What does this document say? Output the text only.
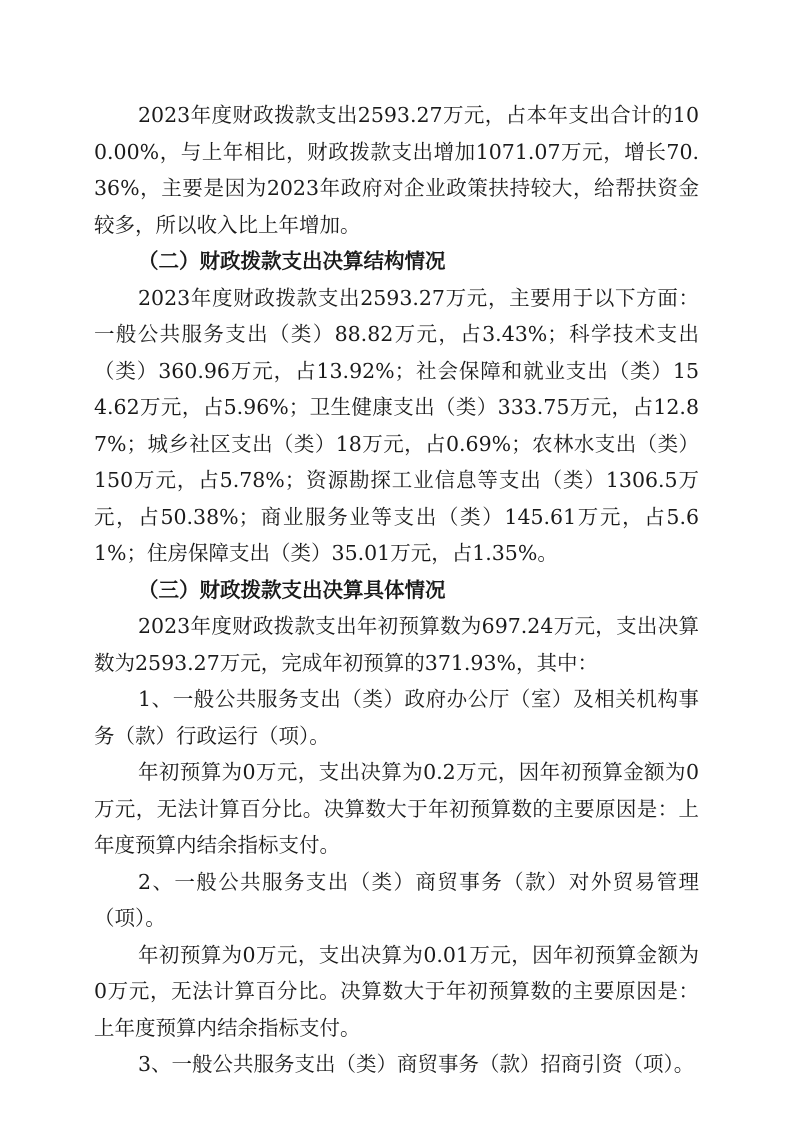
2023年度财政拨款支出2593.27万元，占本年支出合计的100.00%，与上年相比，财政拨款支出增加1071.07万元，增长70.36%，主要是因为2023年政府对企业政策扶持较大，给帮扶资金较多，所以收入比上年增加。

（二）财政拨款支出决算结构情况

2023年度财政拨款支出2593.27万元，主要用于以下方面：一般公共服务支出（类）88.82万元，占3.43%；科学技术支出（类）360.96万元，占13.92%；社会保障和就业支出（类）154.62万元，占5.96%；卫生健康支出（类）333.75万元，占12.87%；城乡社区支出（类）18万元，占0.69%；农林水支出（类）150万元，占5.78%；资源勘探工业信息等支出（类）1306.5万元，占50.38%；商业服务业等支出（类）145.61万元，占5.61%；住房保障支出（类）35.01万元，占1.35%。

（三）财政拨款支出决算具体情况

2023年度财政拨款支出年初预算数为697.24万元，支出决算数为2593.27万元，完成年初预算的371.93%，其中：

1、一般公共服务支出（类）政府办公厅（室）及相关机构事务（款）行政运行（项）。

年初预算为0万元，支出决算为0.2万元，因年初预算金额为0万元，无法计算百分比。决算数大于年初预算数的主要原因是：上年度预算内结余指标支付。

2、一般公共服务支出（类）商贸事务（款）对外贸易管理（项）。

年初预算为0万元，支出决算为0.01万元，因年初预算金额为0万元，无法计算百分比。决算数大于年初预算数的主要原因是：上年度预算内结余指标支付。

3、一般公共服务支出（类）商贸事务（款）招商引资（项）。
